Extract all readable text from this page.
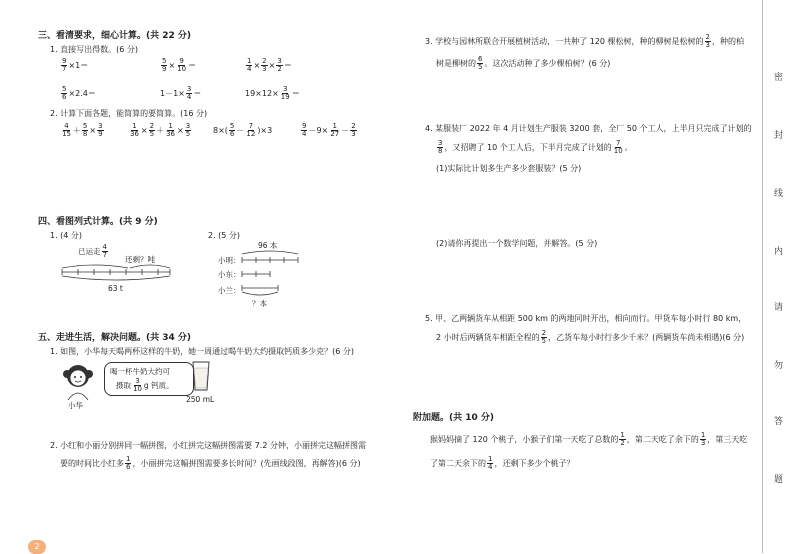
三、看清要求，细心计算。(共 22 分)
1. 直接写出得数。(6 分)
$\frac{9}{7} \times 1=$	$\frac{5}{9} \times \frac{9}{10}$ ＝	$\frac{1}{4} \times \frac{2}{3} \times \frac{3}{2}$ ＝
$\frac{5}{6} \times 2.4=$	$1-1\times \frac{3}{4}$ ＝	$19\times 12\times \frac{3}{19}$ ＝
2. 计算下面各题，能简算的要简算。(16 分)
$\frac{4}{15} + \frac{5}{8} \times \frac{3}{9}$	$\frac{1}{36} \times \frac{2}{5} + \frac{1}{36} \times \frac{3}{5}$	$8\times( \frac{5}{6} - \frac{7}{12} )\times 3$	$\frac{9}{4} -9\times \frac{1}{27} - \frac{2}{3}$
四、看图列式计算。(共 9 分)
1. (4 分)	2. (5 分)
已运走 $\frac{4}{7}$
还剩？吨
63 t
96 本
小明：
小东：
小兰：
？本
五、走进生活，解决问题。(共 34 分)
1. 如图，小华每天喝两杯这样的牛奶，她一周通过喝牛奶大约摄取钙质多少克？(6 分)
小华
喝一杯牛奶大约可
摄取 $\frac{3}{10}$ g 钙质。
250 mL
2. 小红和小丽分别拼同一幅拼图，小红拼完这幅拼图需要 7.2 分钟，小丽拼完这幅拼图需
要的时间比小红多 $\frac{1}{6}$ ，小丽拼完这幅拼图需要多长时间？(先画线段图，再解答)(6 分)
3. 学校与园林所联合开展植树活动，一共种了 120 棵松树，种的柳树是松树的 $\frac{2}{3}$ ，种的柏
树是柳树的 $\frac{6}{5}$ 。这次活动种了多少棵柏树？(6 分)
4. 某服装厂 2022 年 4 月计划生产服装 3200 套，全厂 50 个工人，上半月只完成了计划的
$\frac{3}{8}$ ，又招聘了 10 个工人后，下半月完成了计划的 $\frac{7}{10}$ 。
(1)实际比计划多生产多少套服装？(5 分)
(2)请你再提出一个数学问题，并解答。(5 分)
5. 甲、乙两辆货车从相距 500 km 的两地同时开出，相向而行。甲货车每小时行 80 km，
2 小时后两辆货车相距全程的 $\frac{2}{5}$ ，乙货车每小时行多少千米？(两辆货车尚未相遇)(6 分)
附加题。(共 10 分)
猴妈妈摘了 120 个桃子，小猴子们第一天吃了总数的 $\frac{1}{2}$ ，第二天吃了余下的 $\frac{1}{3}$ ，第三天吃
了第二天余下的 $\frac{1}{4}$ ，还剩下多少个桃子？
密
封
线
内
请
勿
答
题
2
